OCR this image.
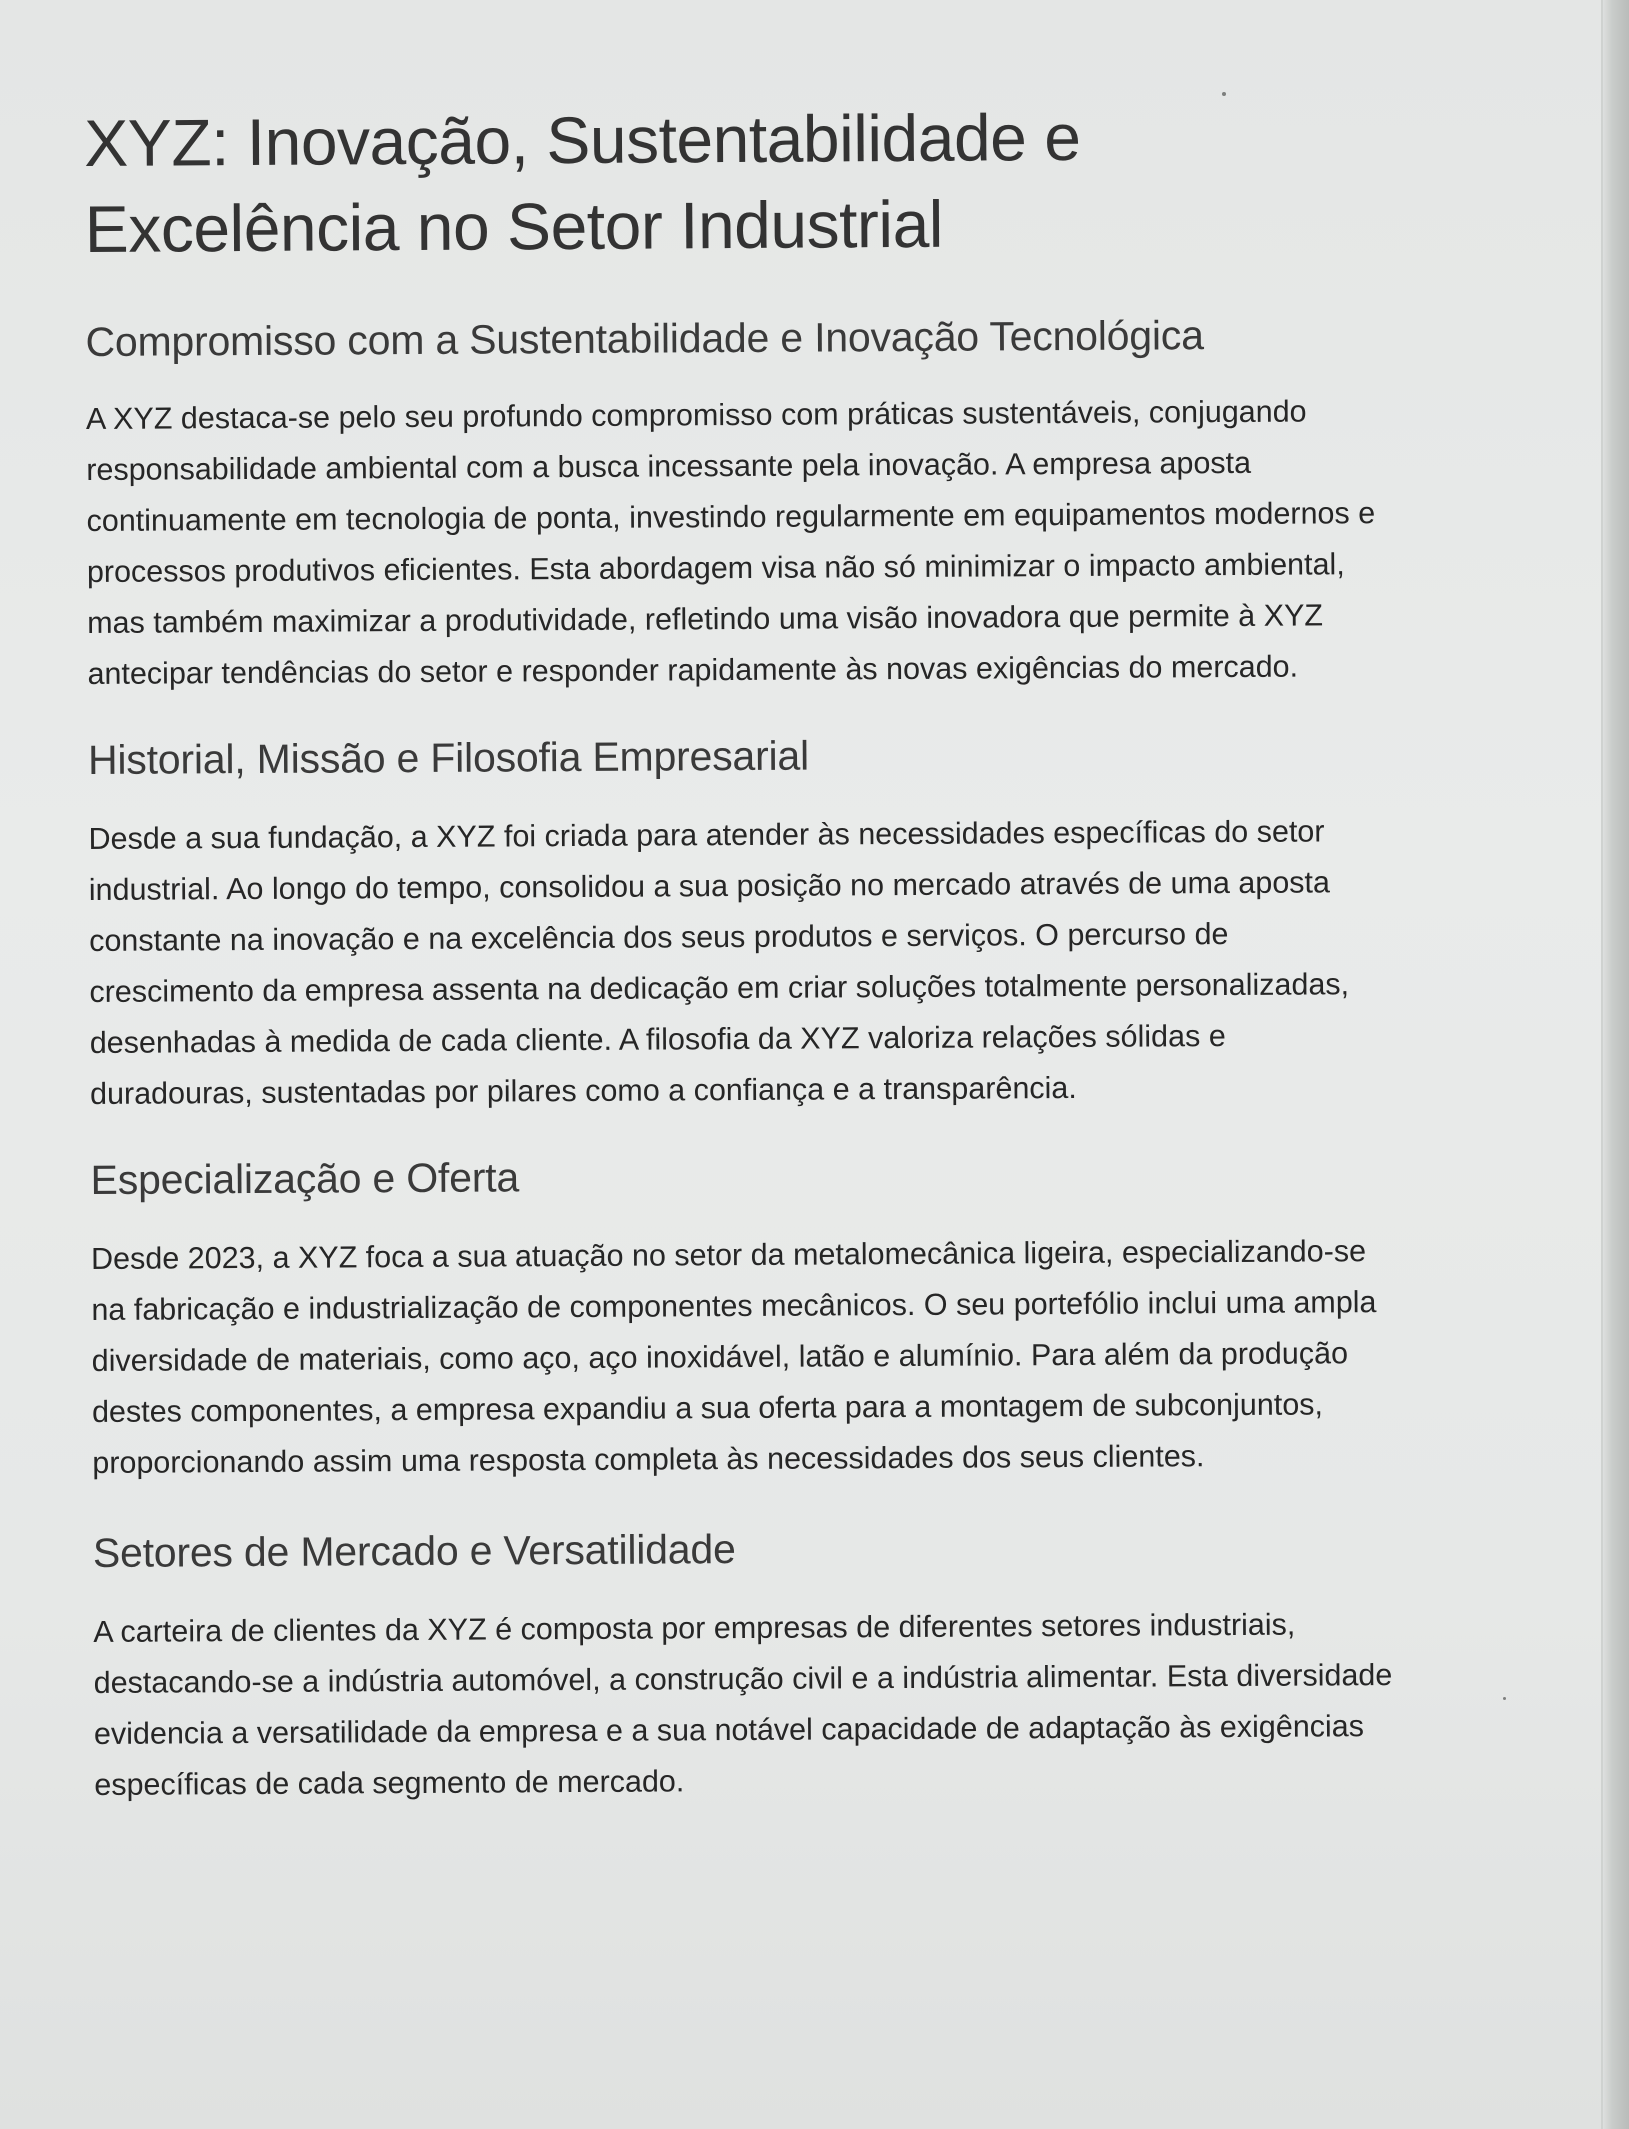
XYZ: Inovação, Sustentabilidade e Excelência no Setor Industrial
Compromisso com a Sustentabilidade e Inovação Tecnológica

A XYZ destaca-se pelo seu profundo compromisso com práticas sustentáveis, conjugando responsabilidade ambiental com a busca incessante pela inovação. A empresa aposta continuamente em tecnologia de ponta, investindo regularmente em equipamentos modernos e processos produtivos eficientes. Esta abordagem visa não só minimizar o impacto ambiental, mas também maximizar a produtividade, refletindo uma visão inovadora que permite à XYZ antecipar tendências do setor e responder rapidamente às novas exigências do mercado.

Historial, Missão e Filosofia Empresarial

Desde a sua fundação, a XYZ foi criada para atender às necessidades específicas do setor industrial. Ao longo do tempo, consolidou a sua posição no mercado através de uma aposta constante na inovação e na excelência dos seus produtos e serviços. O percurso de crescimento da empresa assenta na dedicação em criar soluções totalmente personalizadas, desenhadas à medida de cada cliente. A filosofia da XYZ valoriza relações sólidas e duradouras, sustentadas por pilares como a confiança e a transparência.

Especialização e Oferta

Desde 2023, a XYZ foca a sua atuação no setor da metalomecânica ligeira, especializando-se na fabricação e industrialização de componentes mecânicos. O seu portefólio inclui uma ampla diversidade de materiais, como aço, aço inoxidável, latão e alumínio. Para além da produção destes componentes, a empresa expandiu a sua oferta para a montagem de subconjuntos, proporcionando assim uma resposta completa às necessidades dos seus clientes.

Setores de Mercado e Versatilidade

A carteira de clientes da XYZ é composta por empresas de diferentes setores industriais, destacando-se a indústria automóvel, a construção civil e a indústria alimentar. Esta diversidade evidencia a versatilidade da empresa e a sua notável capacidade de adaptação às exigências específicas de cada segmento de mercado.
